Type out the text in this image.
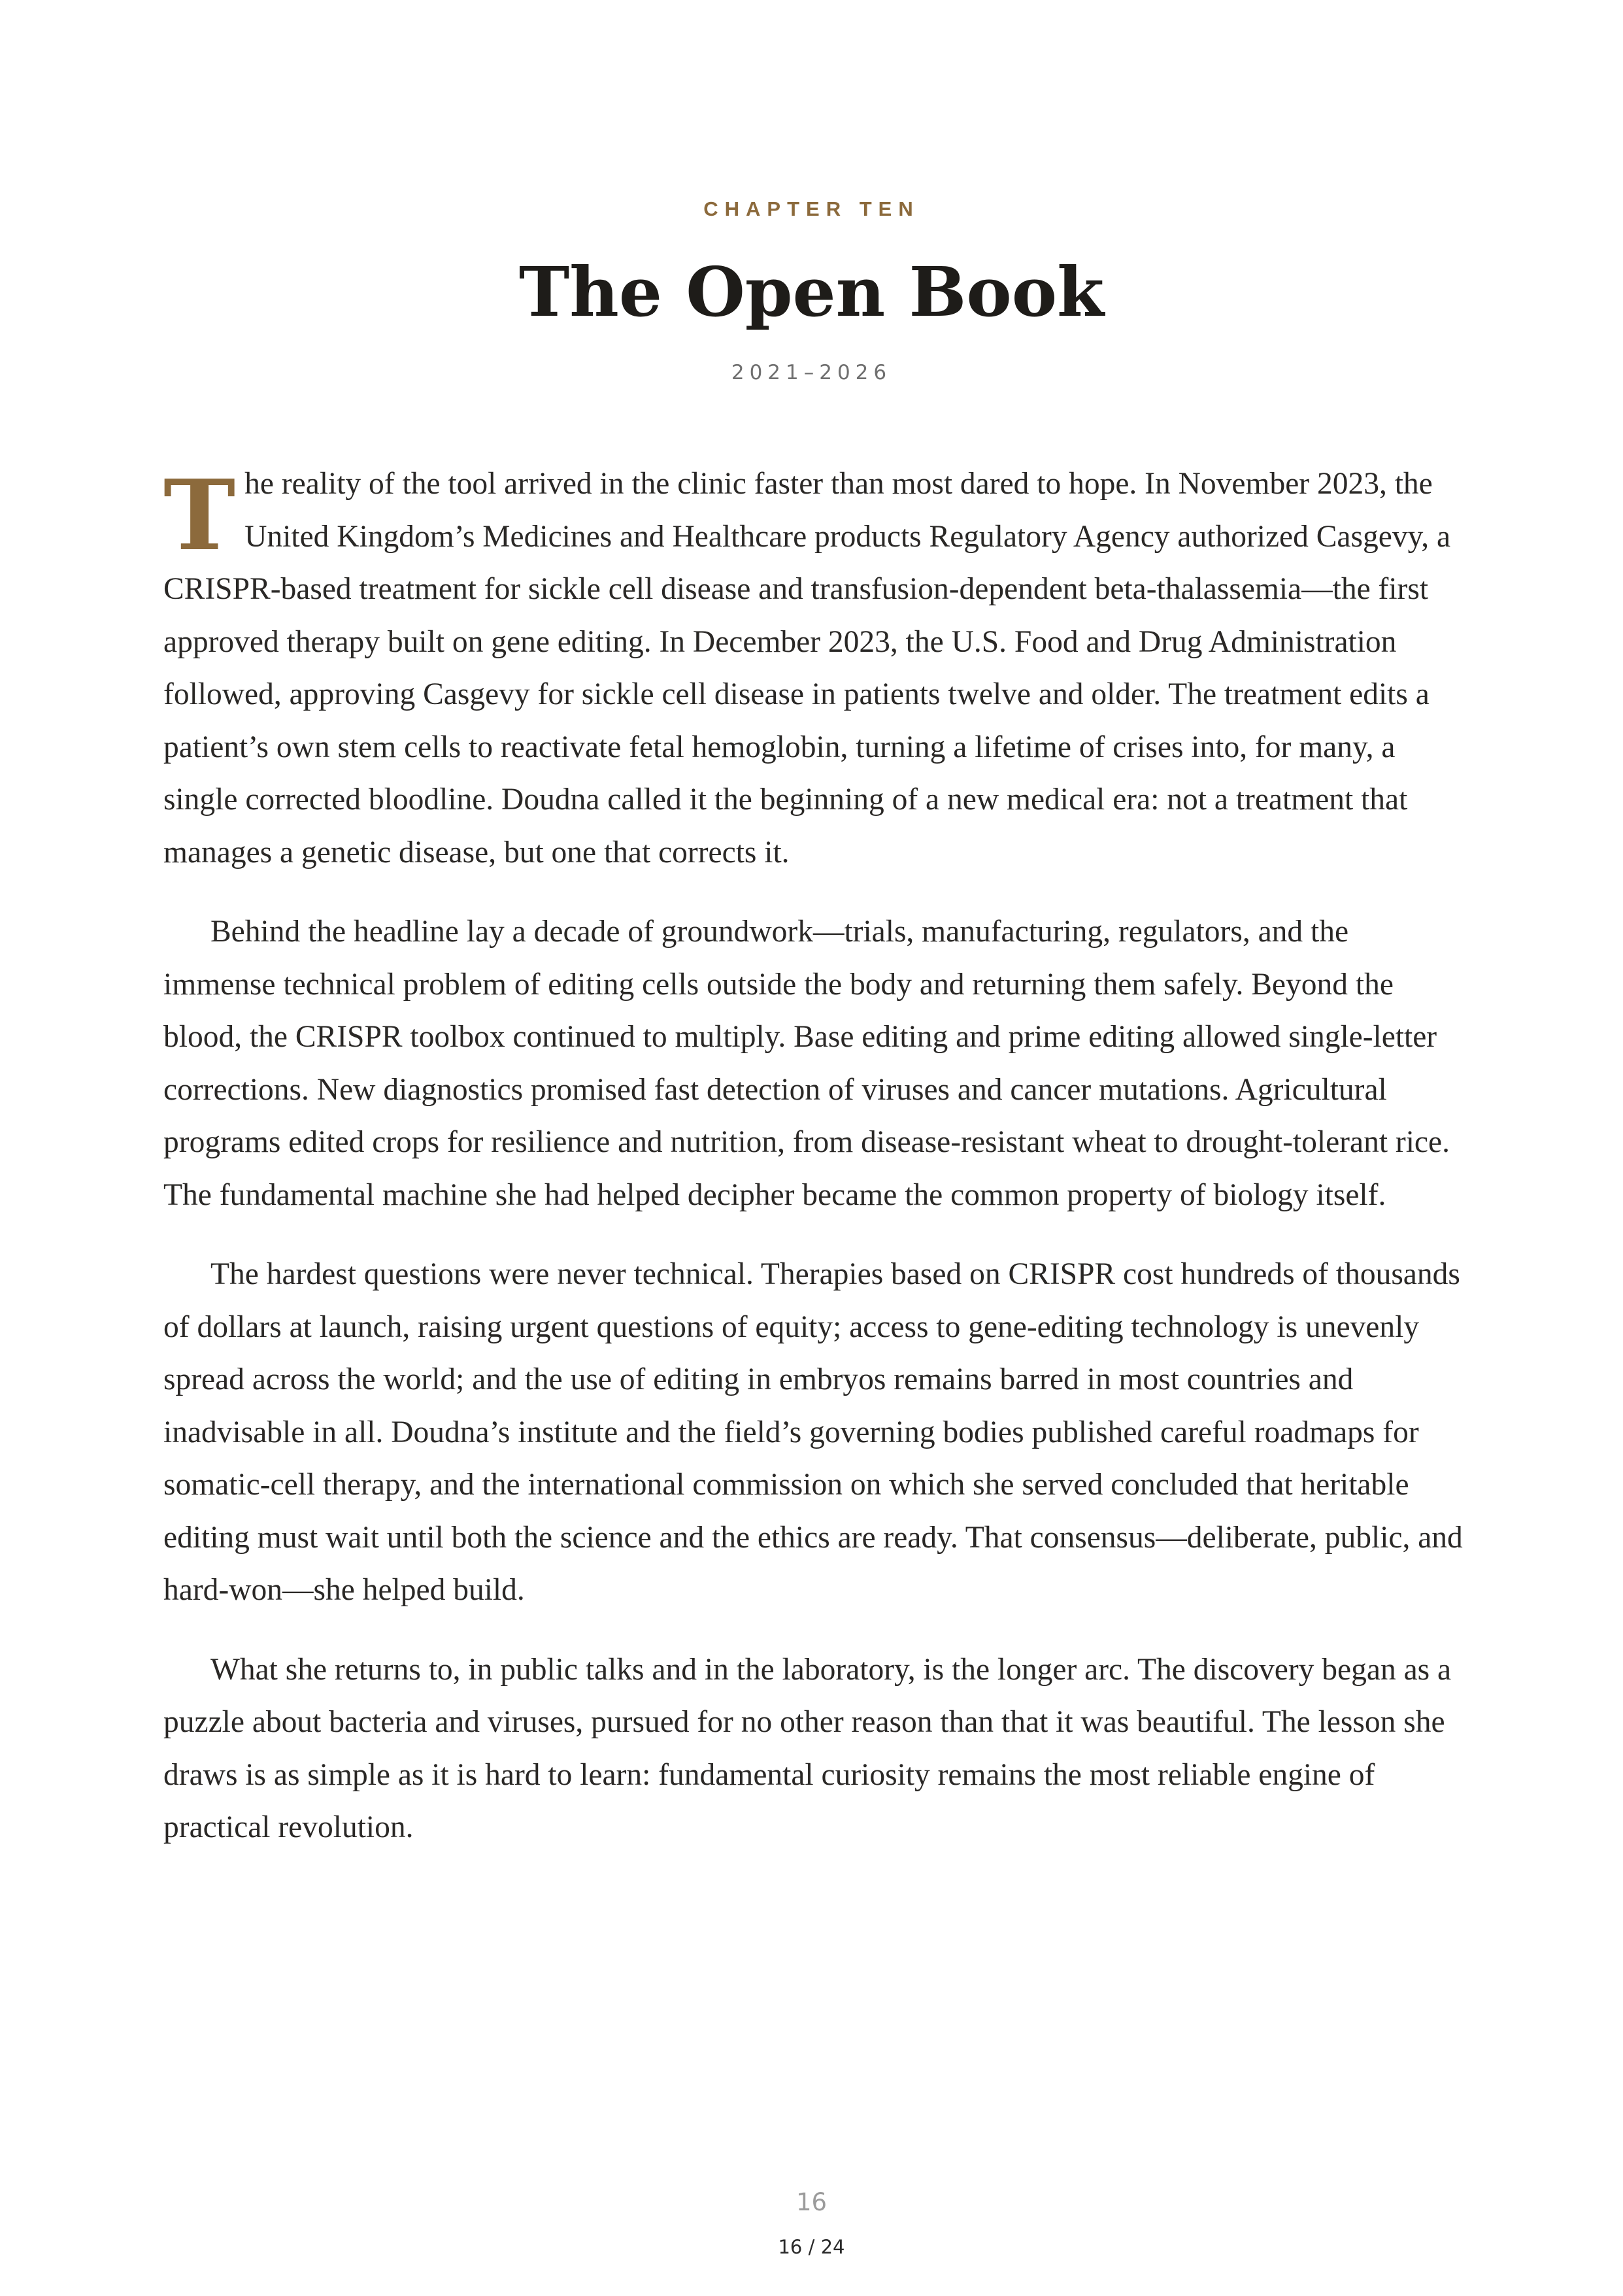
CHAPTER TEN
The Open Book
2021–2026

The reality of the tool arrived in the clinic faster than most dared to hope. In November 2023, the United Kingdom’s Medicines and Healthcare products Regulatory Agency authorized Casgevy, a CRISPR-based treatment for sickle cell disease and transfusion-dependent beta-thalassemia—the first approved therapy built on gene editing. In December 2023, the U.S. Food and Drug Administration followed, approving Casgevy for sickle cell disease in patients twelve and older. The treatment edits a patient’s own stem cells to reactivate fetal hemoglobin, turning a lifetime of crises into, for many, a single corrected bloodline. Doudna called it the beginning of a new medical era: not a treatment that manages a genetic disease, but one that corrects it.

Behind the headline lay a decade of groundwork—trials, manufacturing, regulators, and the immense technical problem of editing cells outside the body and returning them safely. Beyond the blood, the CRISPR toolbox continued to multiply. Base editing and prime editing allowed single-letter corrections. New diagnostics promised fast detection of viruses and cancer mutations. Agricultural programs edited crops for resilience and nutrition, from disease-resistant wheat to drought-tolerant rice. The fundamental machine she had helped decipher became the common property of biology itself.

The hardest questions were never technical. Therapies based on CRISPR cost hundreds of thousands of dollars at launch, raising urgent questions of equity; access to gene-editing technology is unevenly spread across the world; and the use of editing in embryos remains barred in most countries and inadvisable in all. Doudna’s institute and the field’s governing bodies published careful roadmaps for somatic-cell therapy, and the international commission on which she served concluded that heritable editing must wait until both the science and the ethics are ready. That consensus—deliberate, public, and hard-won—she helped build.

What she returns to, in public talks and in the laboratory, is the longer arc. The discovery began as a puzzle about bacteria and viruses, pursued for no other reason than that it was beautiful. The lesson she draws is as simple as it is hard to learn: fundamental curiosity remains the most reliable engine of practical revolution.

16
16 / 24
